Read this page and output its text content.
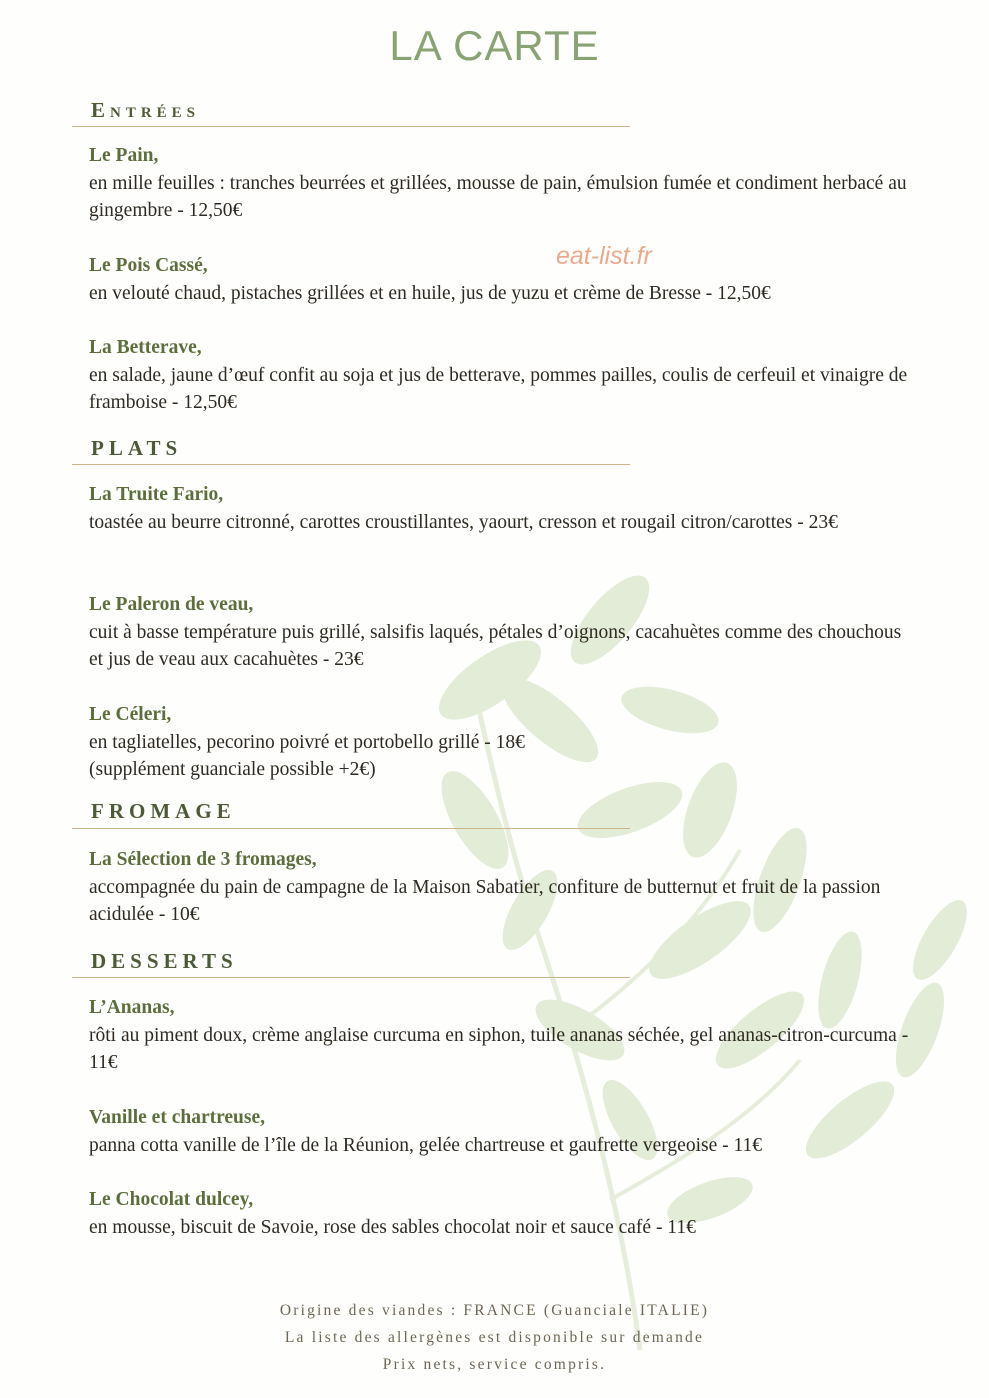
LA CARTE
eat-list.fr
Entrées
Le Pain,
en mille feuilles : tranches beurrées et grillées, mousse de pain, émulsion fumée et condiment herbacé au gingembre - 12,50€
Le Pois Cassé,
en velouté chaud, pistaches grillées et en huile, jus de yuzu et crème de Bresse - 12,50€
La Betterave,
en salade, jaune d’œuf confit au soja et jus de betterave, pommes pailles, coulis de cerfeuil et vinaigre de framboise - 12,50€
PLATS
La Truite Fario,
toastée au beurre citronné, carottes croustillantes, yaourt, cresson et rougail citron/carottes - 23€
Le Paleron de veau,
cuit à basse température puis grillé, salsifis laqués, pétales d’oignons, cacahuètes comme des chouchous et jus de veau aux cacahuètes - 23€
Le Céleri,
en tagliatelles, pecorino poivré et portobello grillé - 18€
(supplément guanciale possible +2€)
FROMAGE
La Sélection de 3 fromages,
accompagnée du pain de campagne de la Maison Sabatier, confiture de butternut et fruit de la passion acidulée - 10€
DESSERTS
L’Ananas,
rôti au piment doux, crème anglaise curcuma en siphon, tuile ananas séchée, gel ananas-citron-curcuma - 11€
Vanille et chartreuse,
panna cotta vanille de l’île de la Réunion, gelée chartreuse et gaufrette vergeoise - 11€
Le Chocolat dulcey,
en mousse, biscuit de Savoie, rose des sables chocolat noir et sauce café - 11€
Origine des viandes : FRANCE (Guanciale ITALIE)
La liste des allergènes est disponible sur demande
Prix nets, service compris.
